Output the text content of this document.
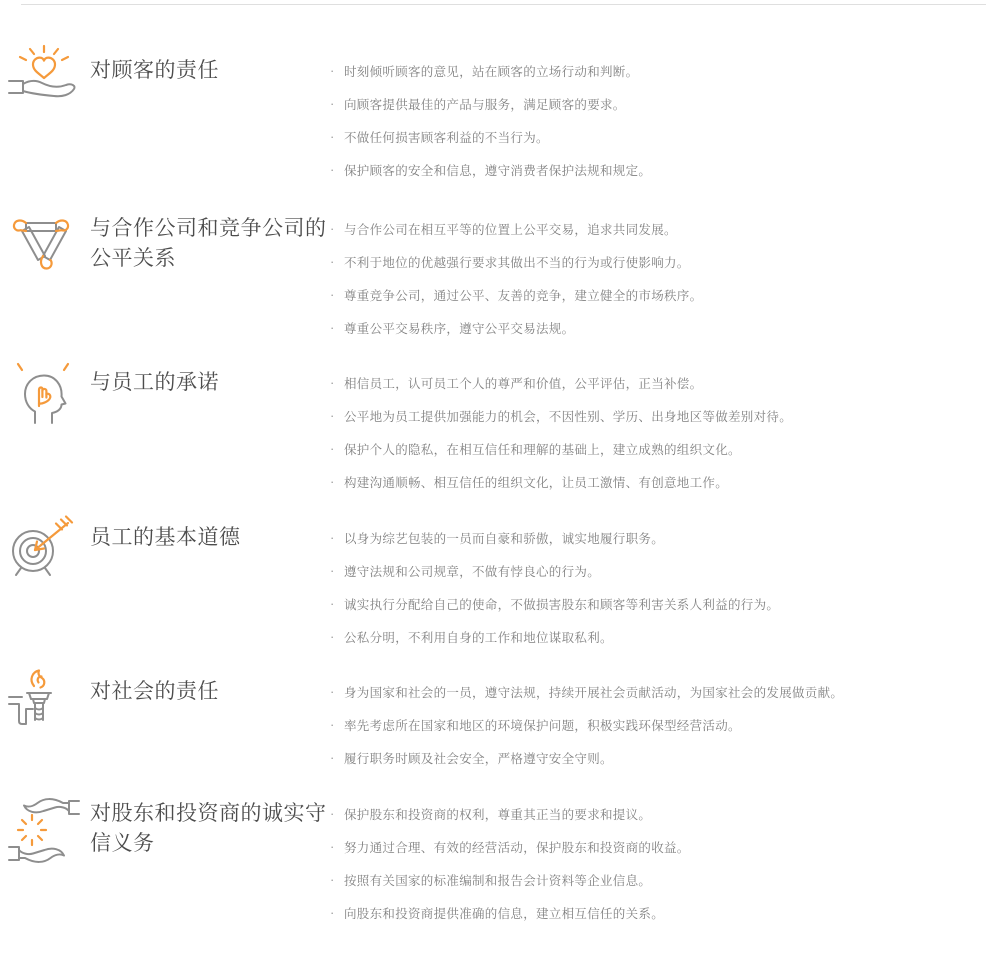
对顾客的责任	· 时刻倾听顾客的意见，站在顾客的立场行动和判断。
· 向顾客提供最佳的产品与服务，满足顾客的要求。
· 不做任何损害顾客利益的不当行为。
· 保护顾客的安全和信息，遵守消费者保护法规和规定。
与合作公司和竞争公司的公平关系
· 与合作公司在相互平等的位置上公平交易，追求共同发展。
· 不利于地位的优越强行要求其做出不当的行为或行使影响力。
· 尊重竞争公司，通过公平、友善的竞争，建立健全的市场秩序。
· 尊重公平交易秩序，遵守公平交易法规。
与员工的承诺	· 相信员工，认可员工个人的尊严和价值，公平评估，正当补偿。
· 公平地为员工提供加强能力的机会，不因性别、学历、出身地区等做差别对待。
· 保护个人的隐私，在相互信任和理解的基础上，建立成熟的组织文化。
· 构建沟通顺畅、相互信任的组织文化，让员工激情、有创意地工作。
员工的基本道德	· 以身为综艺包装的一员而自豪和骄傲，诚实地履行职务。
· 遵守法规和公司规章，不做有悖良心的行为。
· 诚实执行分配给自己的使命，不做损害股东和顾客等利害关系人利益的行为。
· 公私分明，不利用自身的工作和地位谋取私利。
对社会的责任	· 身为国家和社会的一员，遵守法规，持续开展社会贡献活动，为国家社会的发展做贡献。
· 率先考虑所在国家和地区的环境保护问题，积极实践环保型经营活动。
· 履行职务时顾及社会安全，严格遵守安全守则。
对股东和投资商的诚实守信义务
· 保护股东和投资商的权利，尊重其正当的要求和提议。
· 努力通过合理、有效的经营活动，保护股东和投资商的收益。
· 按照有关国家的标准编制和报告会计资料等企业信息。
· 向股东和投资商提供准确的信息，建立相互信任的关系。
